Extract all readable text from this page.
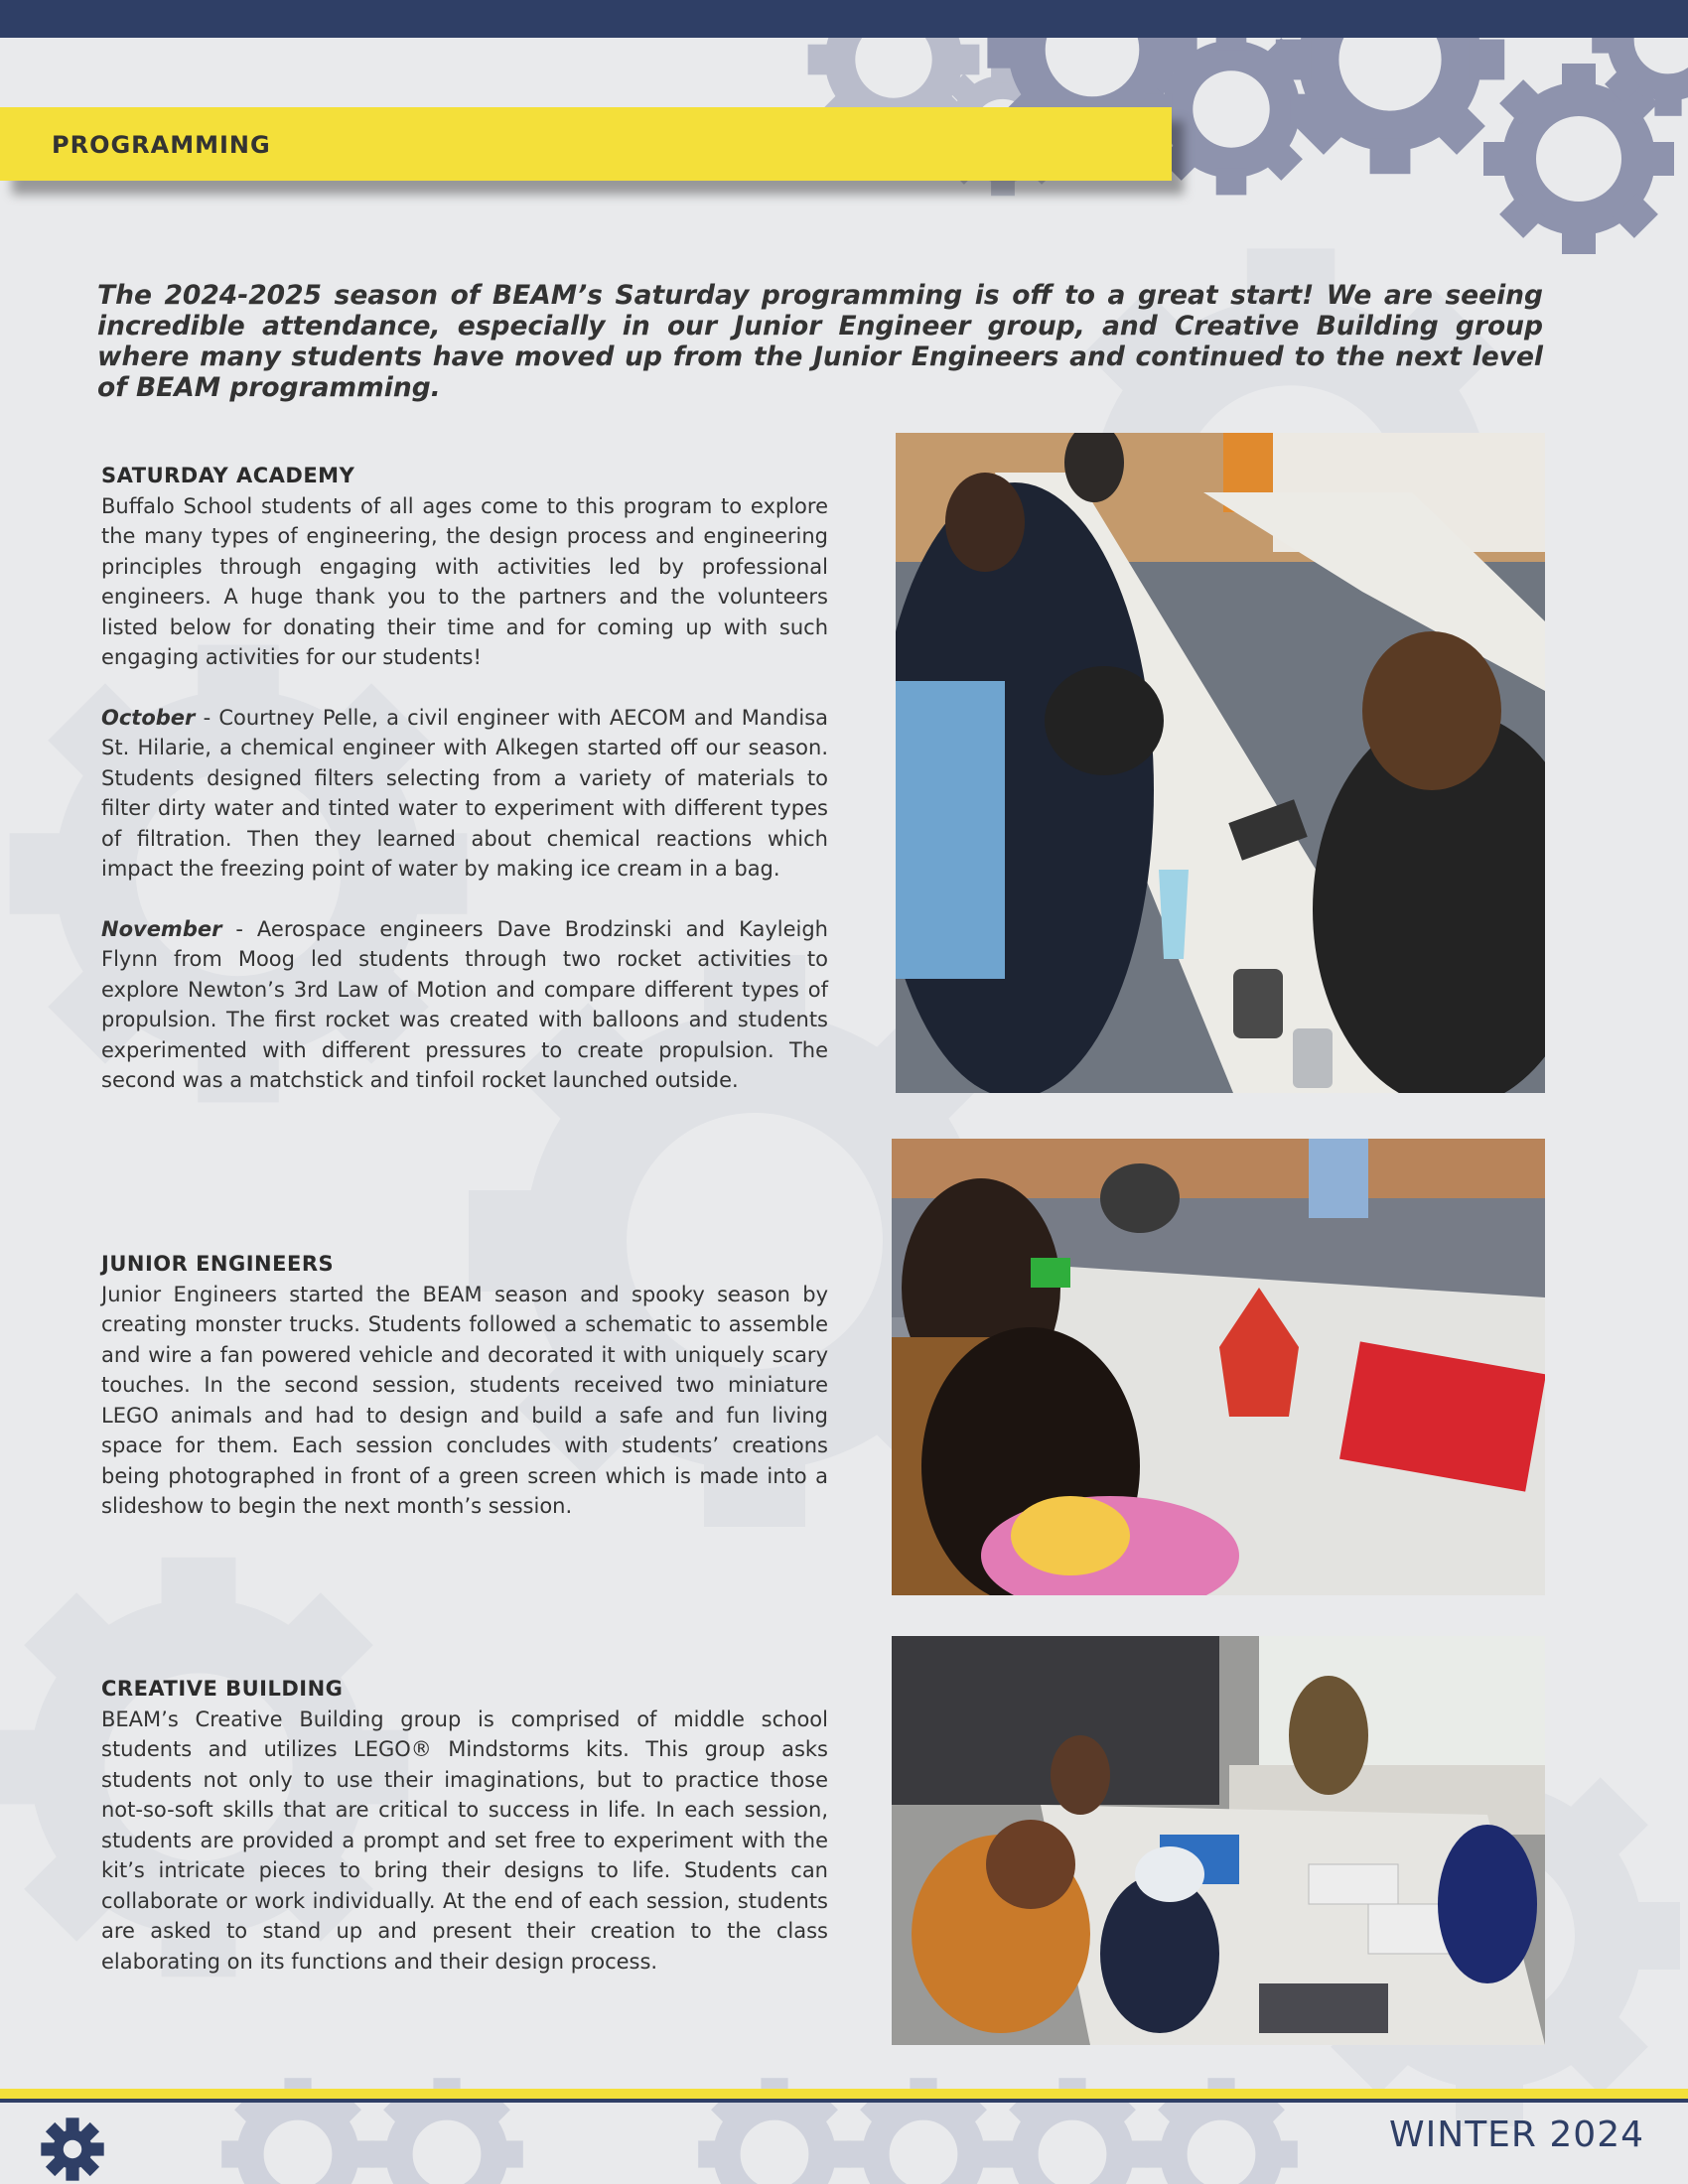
PROGRAMMING

The 2024-2025 season of BEAM’s Saturday programming is off to a great start! We are seeing incredible attendance, especially in our Junior Engineer group, and Creative Building group where many students have moved up from the Junior Engineers and continued to the next level of BEAM programming.

SATURDAY ACADEMY

Buffalo School students of all ages come to this program to explore the many types of engineering, the design process and engineering principles through engaging with activities led by professional engineers. A huge thank you to the partners and the volunteers listed below for donating their time and for coming up with such engaging activities for our students!

October - Courtney Pelle, a civil engineer with AECOM and Mandisa St. Hilarie, a chemical engineer with Alkegen started off our season. Students designed filters selecting from a variety of materials to filter dirty water and tinted water to experiment with different types of filtration. Then they learned about chemical reactions which impact the freezing point of water by making ice cream in a bag.

November - Aerospace engineers Dave Brodzinski and Kayleigh Flynn from Moog led students through two rocket activities to explore Newton’s 3rd Law of Motion and compare different types of propulsion. The first rocket was created with balloons and students experimented with different pressures to create propulsion. The second was a matchstick and tinfoil rocket launched outside.

JUNIOR ENGINEERS

Junior Engineers started the BEAM season and spooky season by creating monster trucks. Students followed a schematic to assemble and wire a fan powered vehicle and decorated it with uniquely scary touches. In the second session, students received two miniature LEGO animals and had to design and build a safe and fun living space for them. Each session concludes with students’ creations being photographed in front of a green screen which is made into a slideshow to begin the next month’s session.

CREATIVE BUILDING

BEAM’s Creative Building group is comprised of middle school students and utilizes LEGO® Mindstorms kits. This group asks students not only to use their imaginations, but to practice those not-so-soft skills that are critical to success in life. In each session, students are provided a prompt and set free to experiment with the kit’s intricate pieces to bring their designs to life. Students can collaborate or work individually. At the end of each session, students are asked to stand up and present their creation to the class elaborating on its functions and their design process.

WINTER 2024
